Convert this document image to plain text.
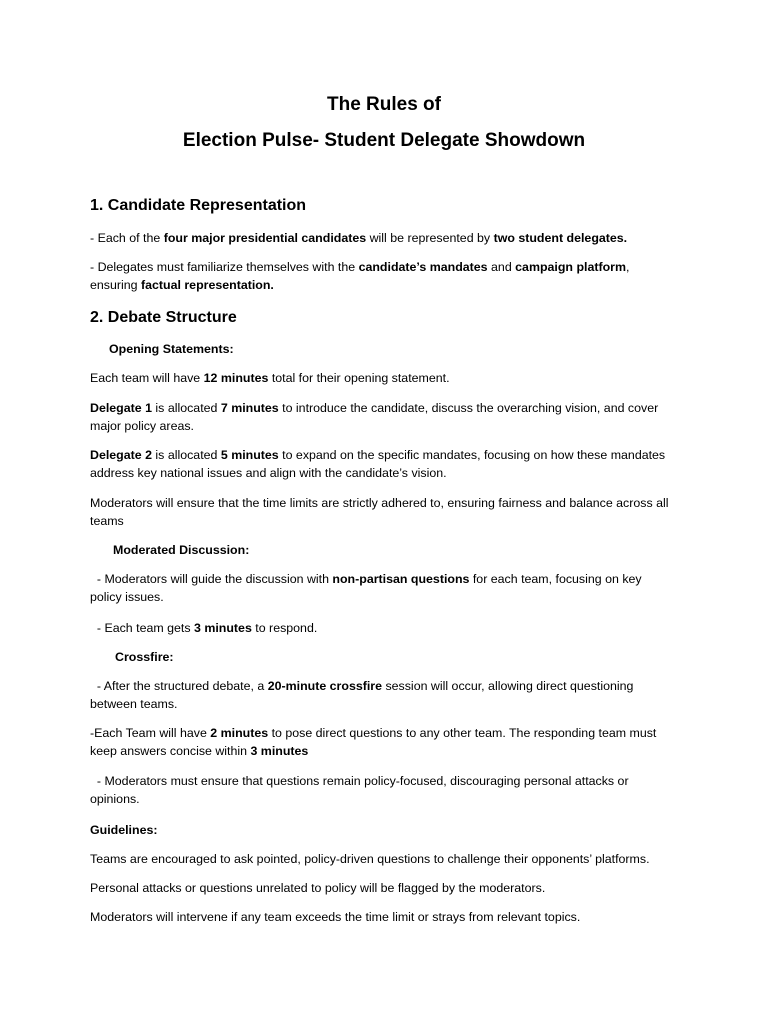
The Rules of
Election Pulse- Student Delegate Showdown
1. Candidate Representation

- Each of the four major presidential candidates will be represented by two student delegates.

- Delegates must familiarize themselves with the candidate’s mandates and campaign platform, ensuring factual representation.

2. Debate Structure

Opening Statements:

Each team will have 12 minutes total for their opening statement.

Delegate 1 is allocated 7 minutes to introduce the candidate, discuss the overarching vision, and cover major policy areas.

Delegate 2 is allocated 5 minutes to expand on the specific mandates, focusing on how these mandates address key national issues and align with the candidate’s vision.

Moderators will ensure that the time limits are strictly adhered to, ensuring fairness and balance across all teams

Moderated Discussion:

- Moderators will guide the discussion with non-partisan questions for each team, focusing on key policy issues.

- Each team gets 3 minutes to respond.

Crossfire:

- After the structured debate, a 20-minute crossfire session will occur, allowing direct questioning between teams.

-Each Team will have 2 minutes to pose direct questions to any other team. The responding team must keep answers concise within 3 minutes

- Moderators must ensure that questions remain policy-focused, discouraging personal attacks or opinions.

Guidelines:

Teams are encouraged to ask pointed, policy-driven questions to challenge their opponents’ platforms.

Personal attacks or questions unrelated to policy will be flagged by the moderators.

Moderators will intervene if any team exceeds the time limit or strays from relevant topics.
